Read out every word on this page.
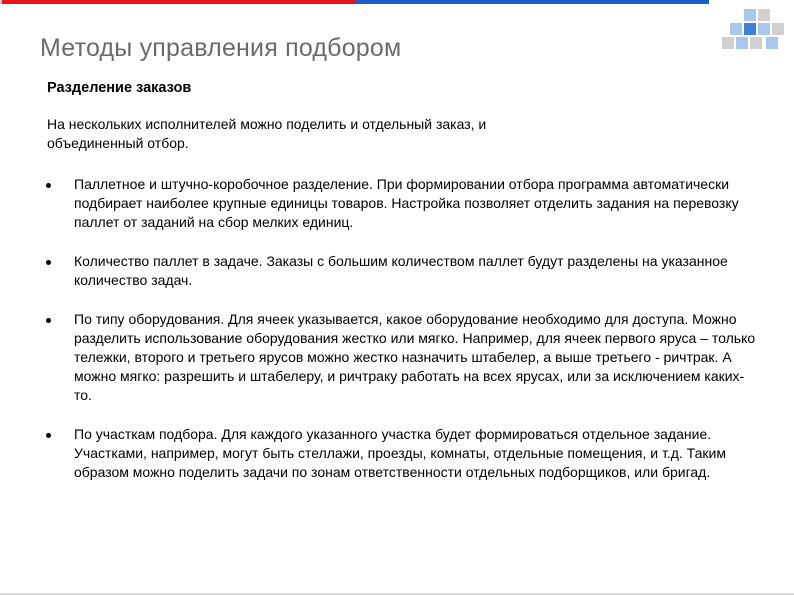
Методы управления подбором
Разделение заказов
На нескольких исполнителей можно поделить и отдельный заказ, и объединенный отбор.
Паллетное и штучно-коробочное разделение. При формировании отбора программа автоматически подбирает наиболее крупные единицы товаров. Настройка позволяет отделить задания на перевозку паллет от заданий на сбор мелких единиц.
Количество паллет в задаче. Заказы с большим количеством паллет будут разделены на указанное количество задач.
По типу оборудования. Для ячеек указывается, какое оборудование необходимо для доступа. Можно разделить использование оборудования жестко или мягко. Например, для ячеек первого яруса – только тележки, второго и третьего ярусов можно жестко назначить штабелер, а выше третьего - ричтрак. А можно мягко: разрешить и штабелеру, и ричтраку работать на всех ярусах, или за исключением каких-то.
По участкам подбора. Для каждого указанного участка будет формироваться отдельное задание. Участками, например, могут быть стеллажи, проезды, комнаты, отдельные помещения, и т.д. Таким образом можно поделить задачи по зонам ответственности отдельных подборщиков, или бригад.
